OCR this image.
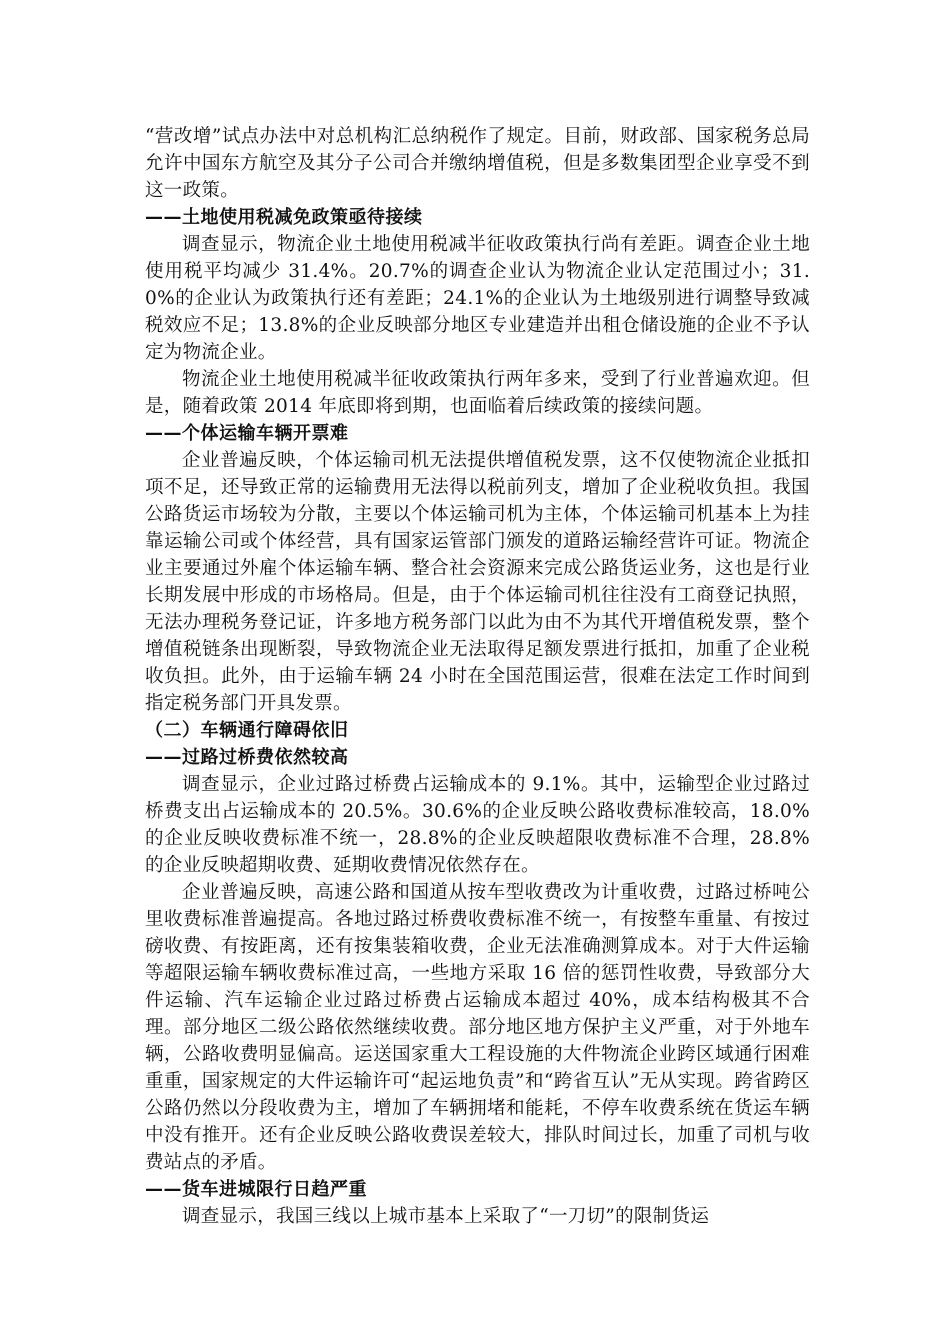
“营改增”试点办法中对总机构汇总纳税作了规定。目前，财政部、国家税务总局允许中国东方航空及其分子公司合并缴纳增值税，但是多数集团型企业享受不到这一政策。

——土地使用税减免政策亟待接续

调查显示，物流企业土地使用税减半征收政策执行尚有差距。调查企业土地使用税平均减少 31.4%。20.7%的调查企业认为物流企业认定范围过小；31.0%的企业认为政策执行还有差距；24.1%的企业认为土地级别进行调整导致减税效应不足；13.8%的企业反映部分地区专业建造并出租仓储设施的企业不予认定为物流企业。

物流企业土地使用税减半征收政策执行两年多来，受到了行业普遍欢迎。但是，随着政策 2014 年底即将到期，也面临着后续政策的接续问题。

——个体运输车辆开票难

企业普遍反映，个体运输司机无法提供增值税发票，这不仅使物流企业抵扣项不足，还导致正常的运输费用无法得以税前列支，增加了企业税收负担。我国公路货运市场较为分散，主要以个体运输司机为主体，个体运输司机基本上为挂靠运输公司或个体经营，具有国家运管部门颁发的道路运输经营许可证。物流企业主要通过外雇个体运输车辆、整合社会资源来完成公路货运业务，这也是行业长期发展中形成的市场格局。但是，由于个体运输司机往往没有工商登记执照，无法办理税务登记证，许多地方税务部门以此为由不为其代开增值税发票，整个增值税链条出现断裂，导致物流企业无法取得足额发票进行抵扣，加重了企业税收负担。此外，由于运输车辆 24 小时在全国范围运营，很难在法定工作时间到指定税务部门开具发票。

（二）车辆通行障碍依旧

——过路过桥费依然较高

调查显示，企业过路过桥费占运输成本的 9.1%。其中，运输型企业过路过桥费支出占运输成本的 20.5%。30.6%的企业反映公路收费标准较高，18.0%的企业反映收费标准不统一，28.8%的企业反映超限收费标准不合理，28.8%的企业反映超期收费、延期收费情况依然存在。

企业普遍反映，高速公路和国道从按车型收费改为计重收费，过路过桥吨公里收费标准普遍提高。各地过路过桥费收费标准不统一，有按整车重量、有按过磅收费、有按距离，还有按集装箱收费，企业无法准确测算成本。对于大件运输等超限运输车辆收费标准过高，一些地方采取 16 倍的惩罚性收费，导致部分大件运输、汽车运输企业过路过桥费占运输成本超过 40%，成本结构极其不合理。部分地区二级公路依然继续收费。部分地区地方保护主义严重，对于外地车辆，公路收费明显偏高。运送国家重大工程设施的大件物流企业跨区域通行困难重重，国家规定的大件运输许可“起运地负责”和“跨省互认”无从实现。跨省跨区公路仍然以分段收费为主，增加了车辆拥堵和能耗，不停车收费系统在货运车辆中没有推开。还有企业反映公路收费误差较大，排队时间过长，加重了司机与收费站点的矛盾。

——货车进城限行日趋严重

调查显示，我国三线以上城市基本上采取了“一刀切”的限制货运
